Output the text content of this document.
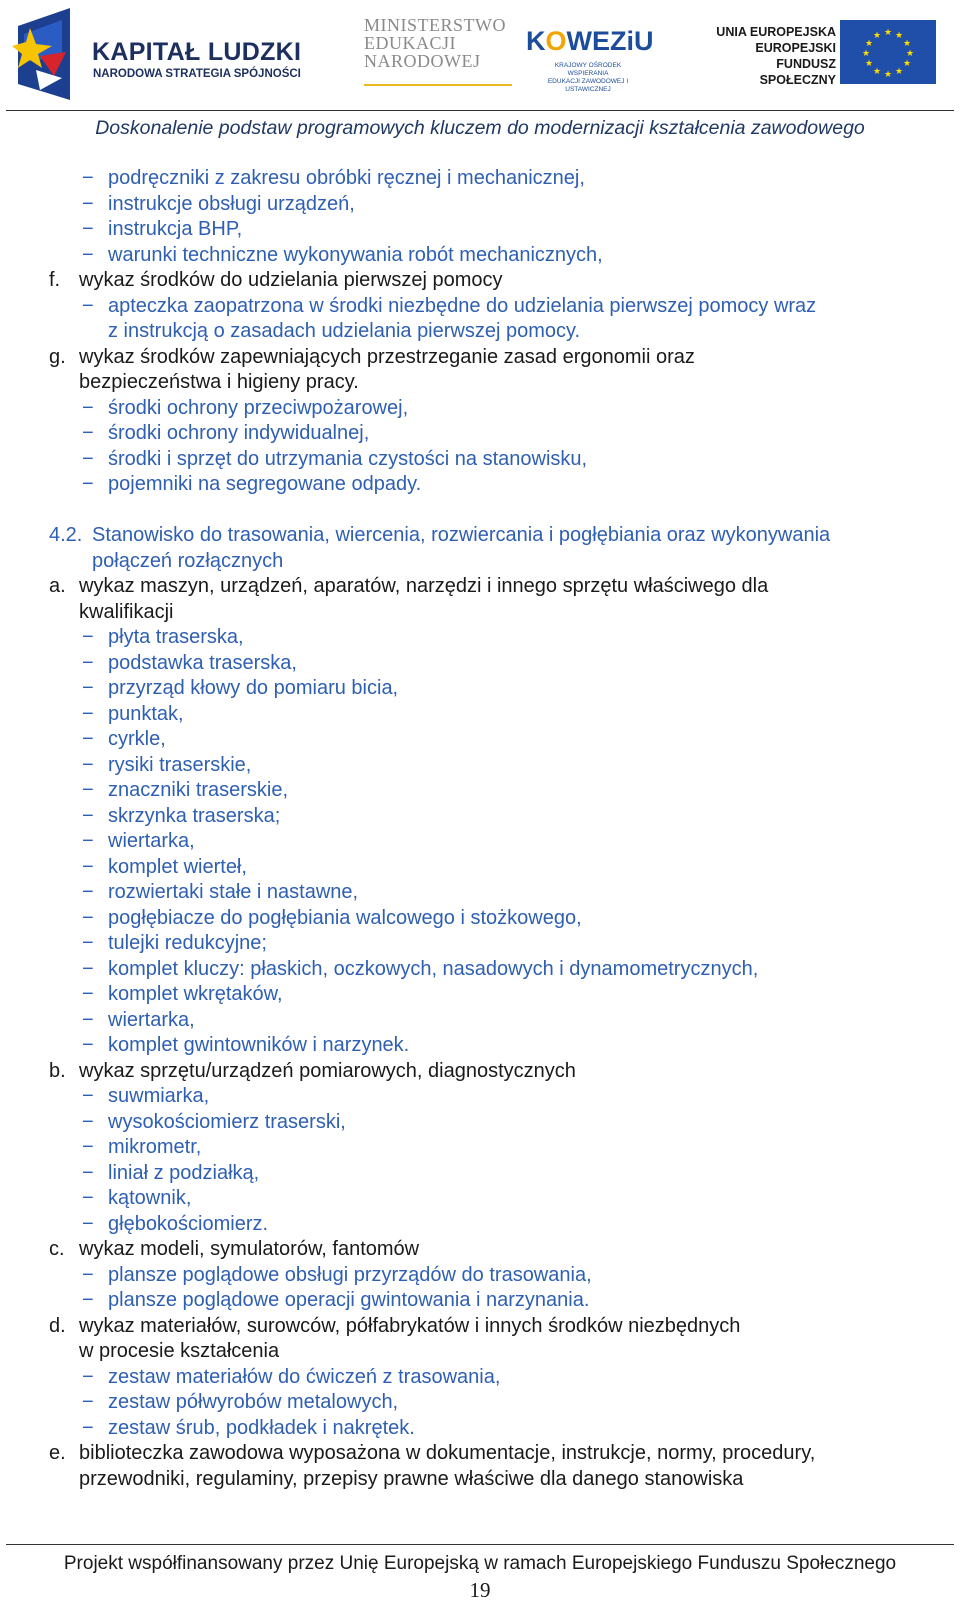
KAPITAŁ LUDZKI
NARODOWA STRATEGIA SPÓJNOŚCI
MINISTERSTWO
EDUKACJI
NARODOWEJ
KOWEZiU
KRAJOWY OŚRODEK WSPIERANIA
EDUKACJI ZAWODOWEJ I USTAWICZNEJ
UNIA EUROPEJSKA
EUROPEJSKI
FUNDUSZ SPOŁECZNY
★ ★
★
★
★
★
★
★
★
★
★
★
Doskonalenie podstaw programowych kluczem do modernizacji kształcenia zawodowego
− podręczniki z zakresu obróbki ręcznej i mechanicznej,
− instrukcje obsługi urządzeń,
− instrukcja BHP,
− warunki techniczne wykonywania robót mechanicznych,
f. wykaz środków do udzielania pierwszej pomocy
− apteczka zaopatrzona w środki niezbędne do udzielania pierwszej pomocy wraz
z instrukcją o zasadach udzielania pierwszej pomocy.
g. wykaz środków zapewniających przestrzeganie zasad ergonomii oraz
bezpieczeństwa i higieny pracy.
− środki ochrony przeciwpożarowej,
− środki ochrony indywidualnej,
− środki i sprzęt do utrzymania czystości na stanowisku,
− pojemniki na segregowane odpady.
4.2. Stanowisko do trasowania, wiercenia, rozwiercania i pogłębiania oraz wykonywania
połączeń rozłącznych
a. wykaz maszyn, urządzeń, aparatów, narzędzi i innego sprzętu właściwego dla
kwalifikacji
− płyta traserska,
− podstawka traserska,
− przyrząd kłowy do pomiaru bicia,
− punktak,
− cyrkle,
− rysiki traserskie,
− znaczniki traserskie,
− skrzynka traserska;
− wiertarka,
− komplet wierteł,
− rozwiertaki stałe i nastawne,
− pogłębiacze do pogłębiania walcowego i stożkowego,
− tulejki redukcyjne;
− komplet kluczy: płaskich, oczkowych, nasadowych i dynamometrycznych,
− komplet wkrętaków,
− wiertarka,
− komplet gwintowników i narzynek.
b. wykaz sprzętu/urządzeń pomiarowych, diagnostycznych
− suwmiarka,
− wysokościomierz traserski,
− mikrometr,
− liniał z podziałką,
− kątownik,
− głębokościomierz.
c. wykaz modeli, symulatorów, fantomów
− plansze poglądowe obsługi przyrządów do trasowania,
− plansze poglądowe operacji gwintowania i narzynania.
d. wykaz materiałów, surowców, półfabrykatów i innych środków niezbędnych
w procesie kształcenia
− zestaw materiałów do ćwiczeń z trasowania,
− zestaw półwyrobów metalowych,
− zestaw śrub, podkładek i nakrętek.
e. biblioteczka zawodowa wyposażona w dokumentacje, instrukcje, normy, procedury,
przewodniki, regulaminy, przepisy prawne właściwe dla danego stanowiska
Projekt współfinansowany przez Unię Europejską w ramach Europejskiego Funduszu Społecznego
19
